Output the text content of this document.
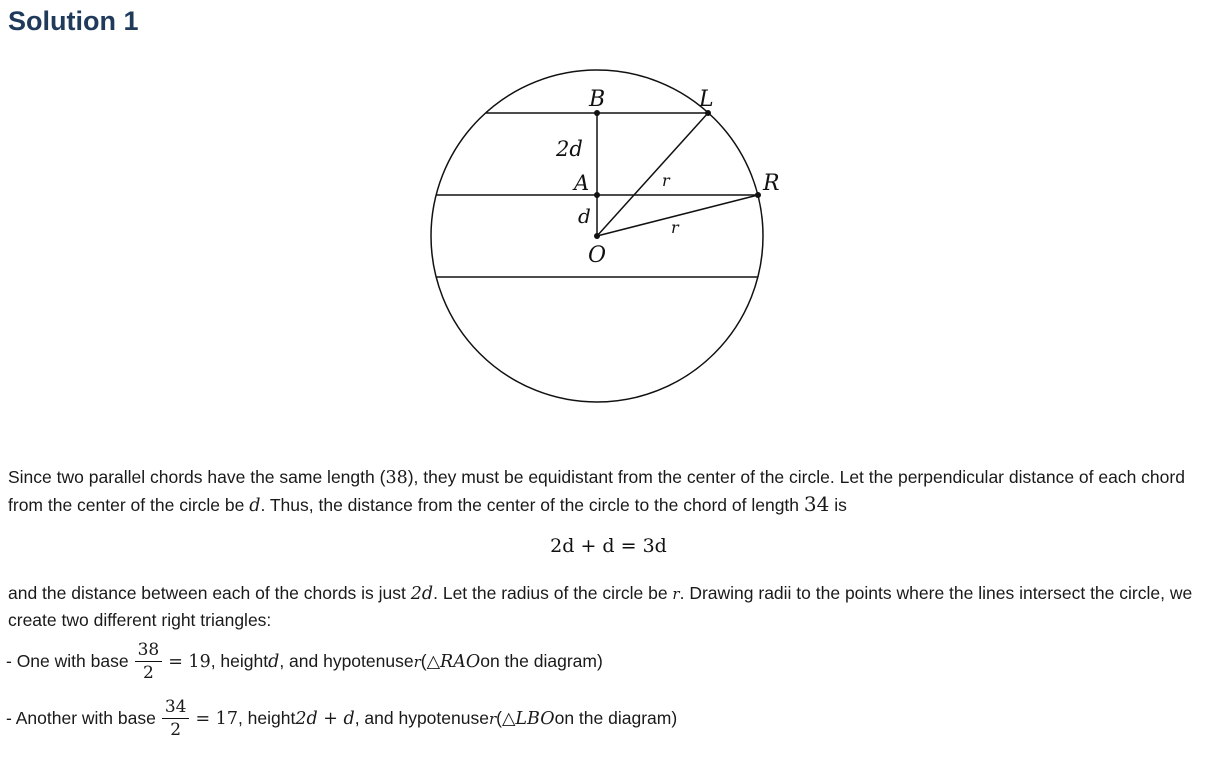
Solution 1
B	L
2d
A	R
d
O
r
r

Since two parallel chords have the same length (38), they must be equidistant from the center of the circle. Let the perpendicular distance of each chord from the center of the circle be d. Thus, the distance from the center of the circle to the chord of length 34 is

2d + d = 3d

and the distance between each of the chords is just 2d. Let the radius of the circle be r. Drawing radii to the points where the lines intersect the circle, we create two different right triangles:

- One with base $\frac{38}{2} = 19$ , height d , and hypotenuse r ( △RAO on the diagram)
- Another with base $\frac{34}{2} = 17$ , height 2d + d , and hypotenuse r ( △LBO on the diagram)
